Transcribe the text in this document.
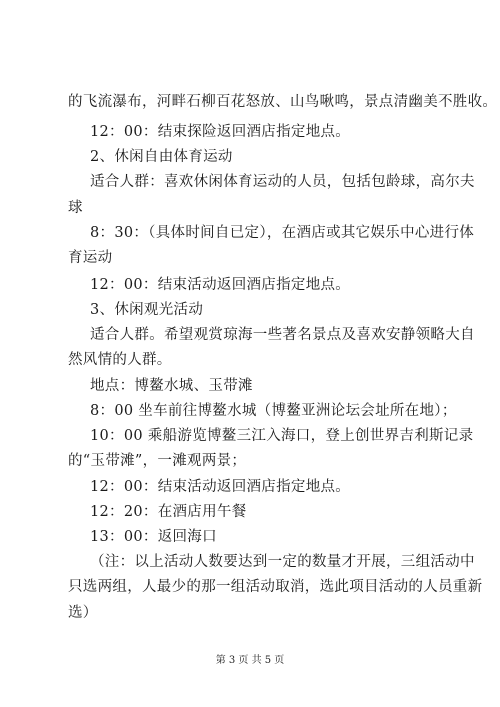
的飞流瀑布，河畔石柳百花怒放、山鸟啾鸣，景点清幽美不胜收。
12：00：结束探险返回酒店指定地点。
2、休闲自由体育运动
适合人群：喜欢休闲体育运动的人员，包括包龄球，高尔夫
球
8：30：（具体时间自已定），在酒店或其它娱乐中心进行体
育运动
12：00：结束活动返回酒店指定地点。
3、休闲观光活动
适合人群。希望观赏琼海一些著名景点及喜欢安静领略大自
然风情的人群。
地点：博鳌水城、玉带滩
8：00 坐车前往博鳌水城（博鳌亚洲论坛会址所在地）；
10：00 乘船游览博鳌三江入海口，登上创世界吉利斯记录
的“玉带滩”，一滩观两景；
12：00：结束活动返回酒店指定地点。
12：20：在酒店用午餐
13：00：返回海口
（注：以上活动人数要达到一定的数量才开展，三组活动中
只选两组，人最少的那一组活动取消，选此项目活动的人员重新
选）
第 3 页 共 5 页
